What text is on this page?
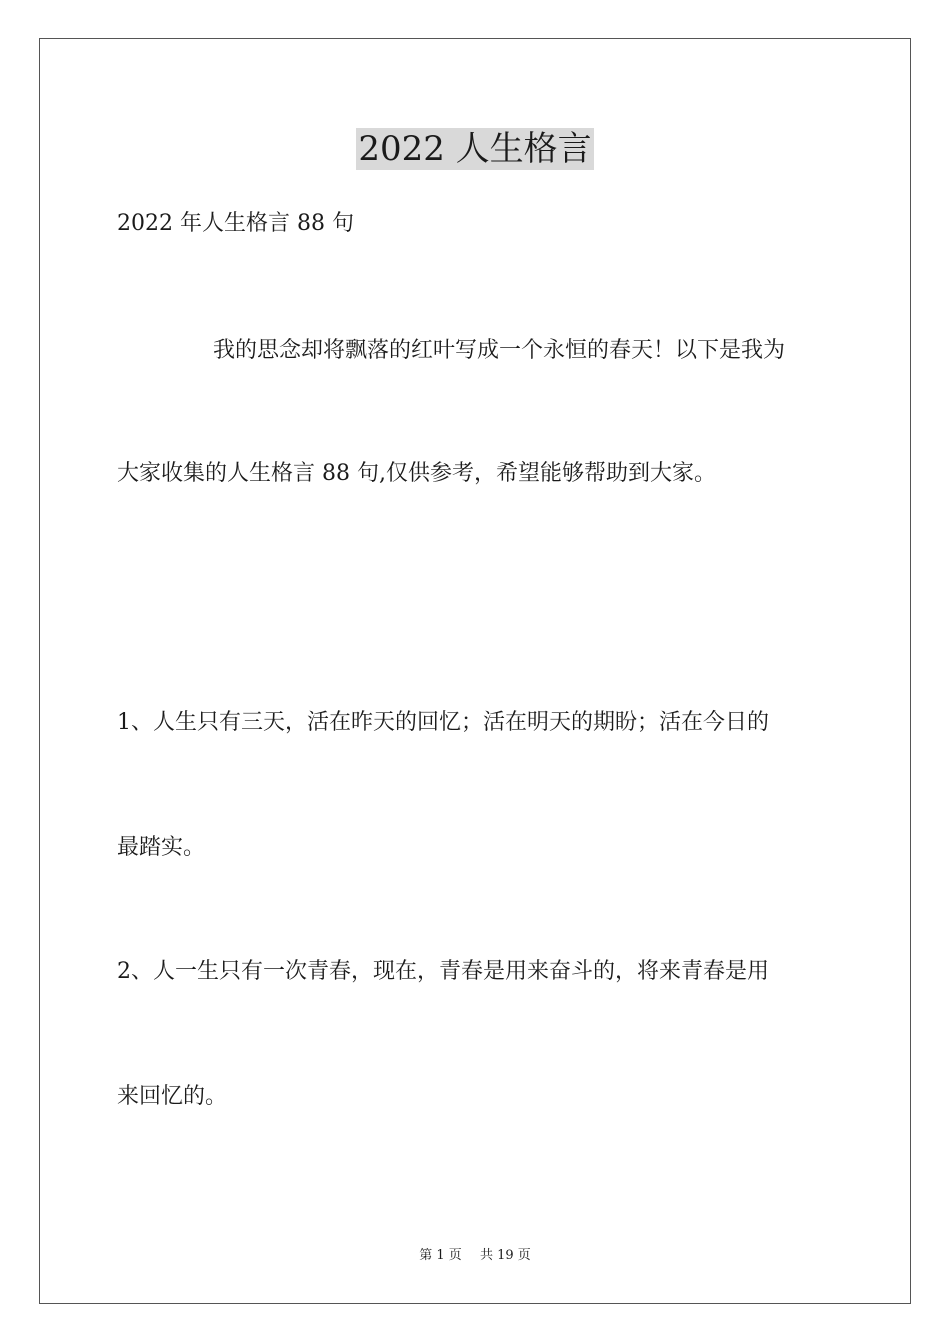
2022 人生格言
2022 年人生格言 88 句
我的思念却将飘落的红叶写成一个永恒的春天！以下是我为
大家收集的人生格言 88 句,仅供参考，希望能够帮助到大家。
1、人生只有三天，活在昨天的回忆；活在明天的期盼；活在今日的
最踏实。
2、人一生只有一次青春，现在，青春是用来奋斗的，将来青春是用
来回忆的。
第 1 页 共 19 页
